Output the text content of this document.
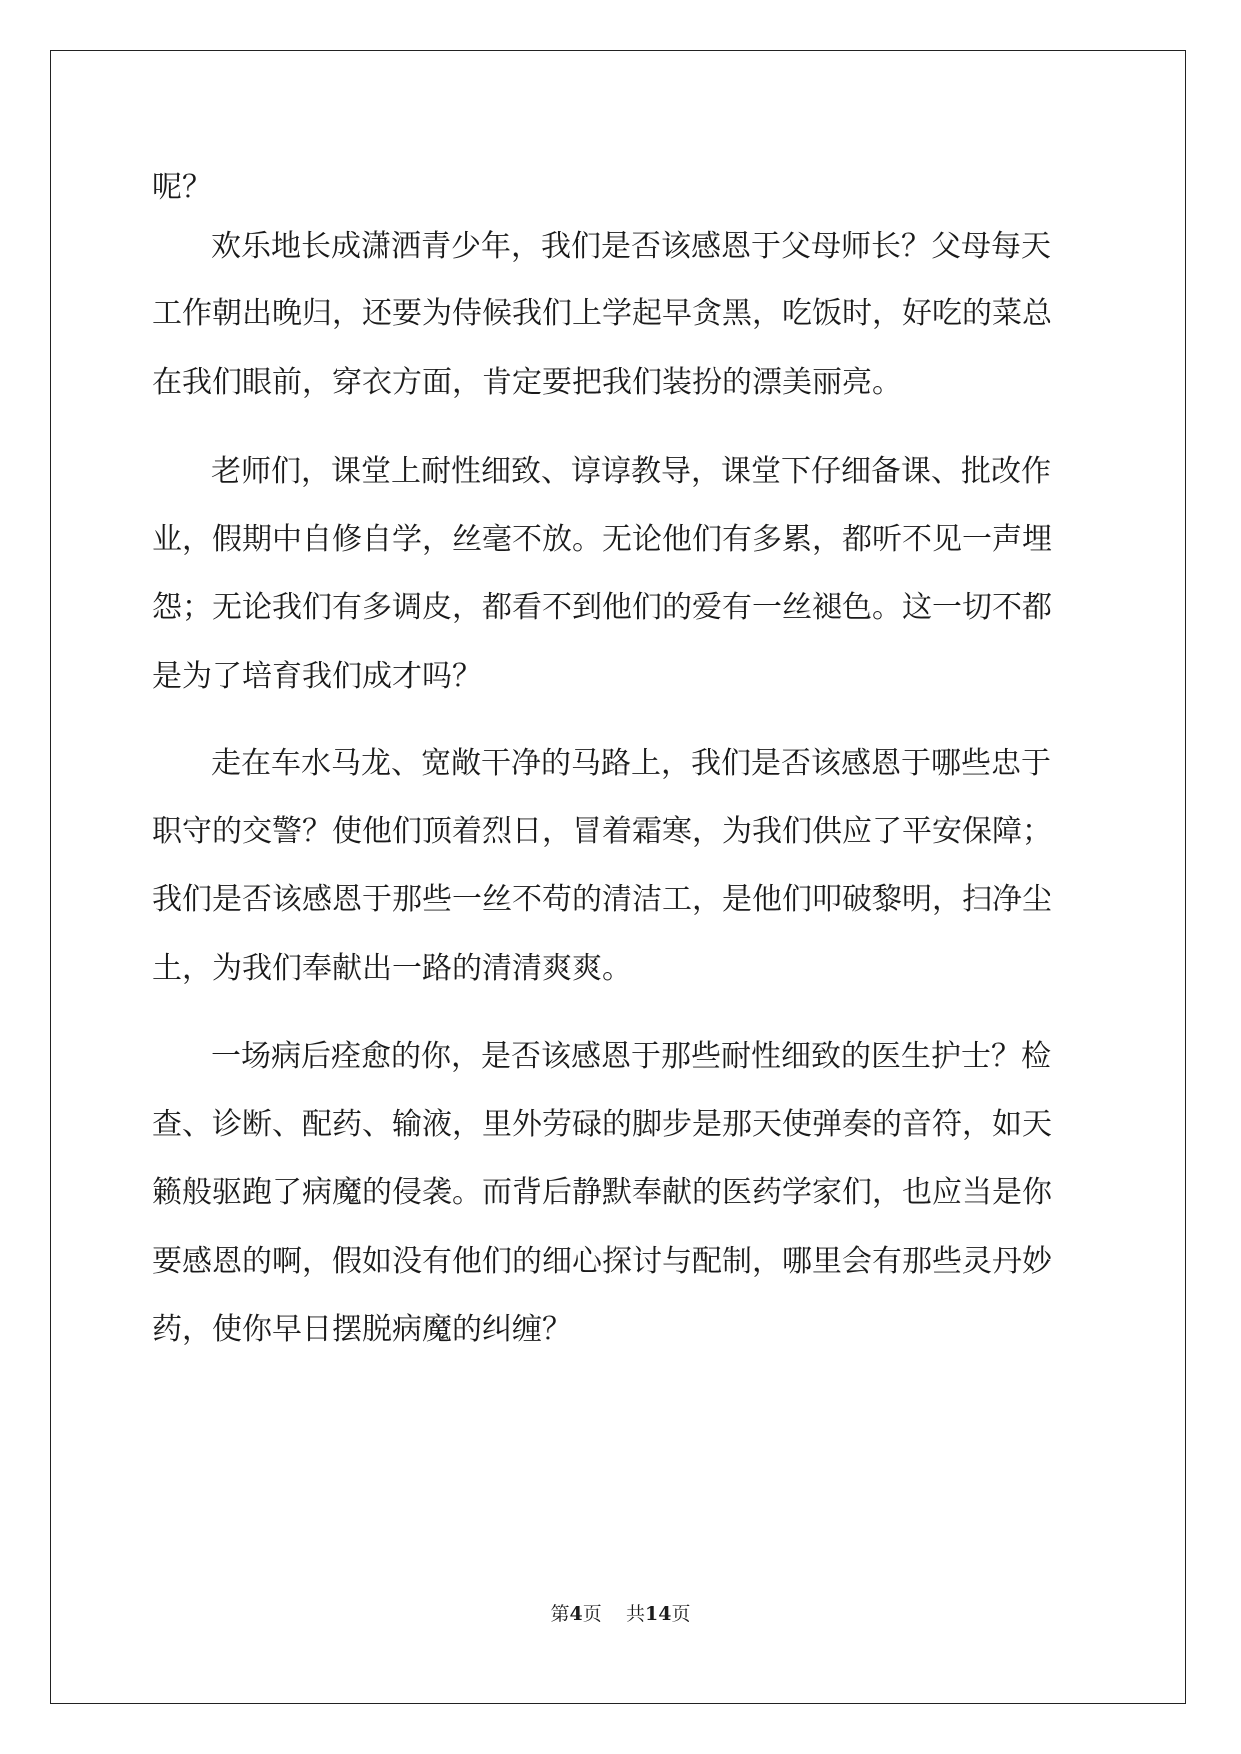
呢？
欢乐地长成潇洒青少年，我们是否该感恩于父母师长？父母每天
工作朝出晚归，还要为侍候我们上学起早贪黑，吃饭时，好吃的菜总
在我们眼前，穿衣方面，肯定要把我们装扮的漂美丽亮。
老师们，课堂上耐性细致、谆谆教导，课堂下仔细备课、批改作
业，假期中自修自学，丝毫不放。无论他们有多累，都听不见一声埋
怨；无论我们有多调皮，都看不到他们的爱有一丝褪色。这一切不都
是为了培育我们成才吗？
走在车水马龙、宽敞干净的马路上，我们是否该感恩于哪些忠于
职守的交警？使他们顶着烈日，冒着霜寒，为我们供应了平安保障；
我们是否该感恩于那些一丝不苟的清洁工，是他们叩破黎明，扫净尘
土，为我们奉献出一路的清清爽爽。
一场病后痊愈的你，是否该感恩于那些耐性细致的医生护士？检
查、诊断、配药、输液，里外劳碌的脚步是那天使弹奏的音符，如天
籁般驱跑了病魔的侵袭。而背后静默奉献的医药学家们，也应当是你
要感恩的啊，假如没有他们的细心探讨与配制，哪里会有那些灵丹妙
药，使你早日摆脱病魔的纠缠？
第4页 共14页
